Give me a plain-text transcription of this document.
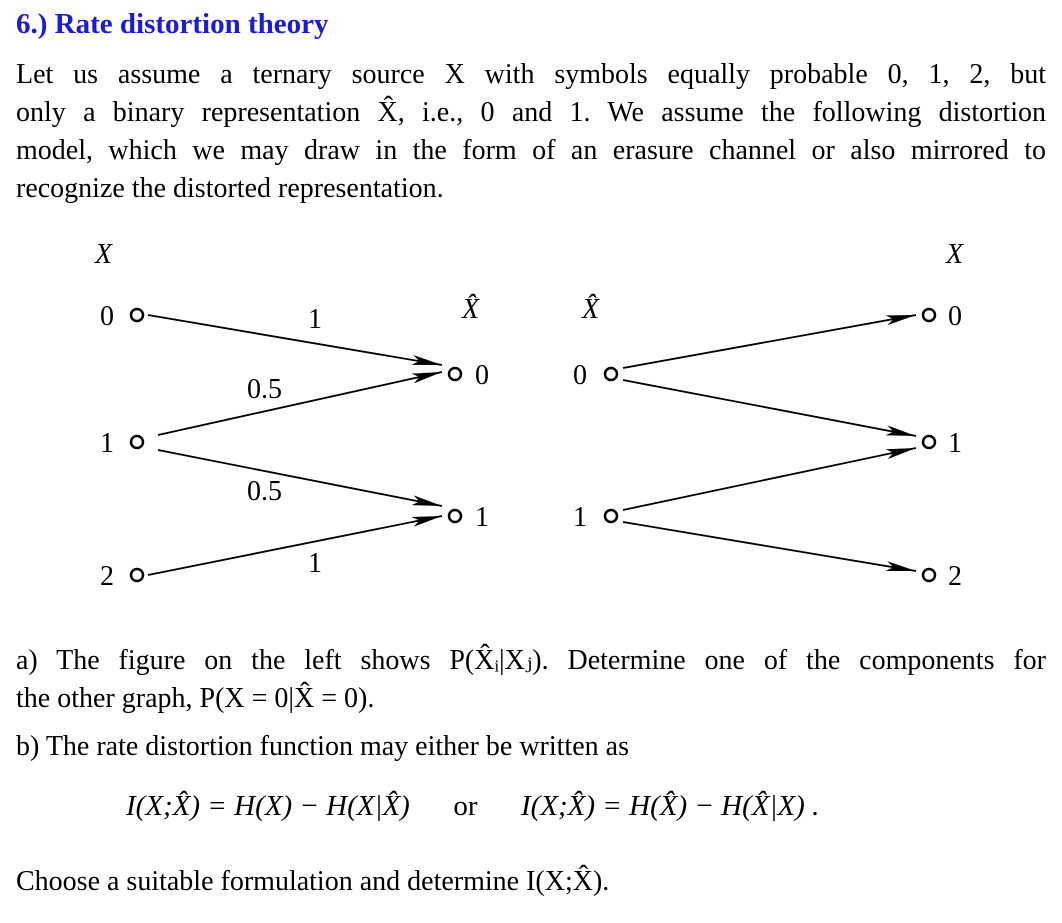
6.) Rate distortion theory

Let us assume a ternary source X with symbols equally probable 0, 1, 2, but
only a binary representation X̂, i.e., 0 and 1. We assume the following distortion
model, which we may draw in the form of an erasure channel or also mirrored to
recognize the distorted representation.

X
X̂
0
1
2
0
1
1
0.5
0.5
1
X̂
X
0
1
0
1
2

a) The figure on the left shows P(X̂ᵢ|Xⱼ). Determine one of the components for
the other graph, P(X = 0|X̂ = 0).

b) The rate distortion function may either be written as

I(X;X̂) = H(X) − H(X|X̂) or I(X;X̂) = H(X̂) − H(X̂|X) .

Choose a suitable formulation and determine I(X;X̂).
